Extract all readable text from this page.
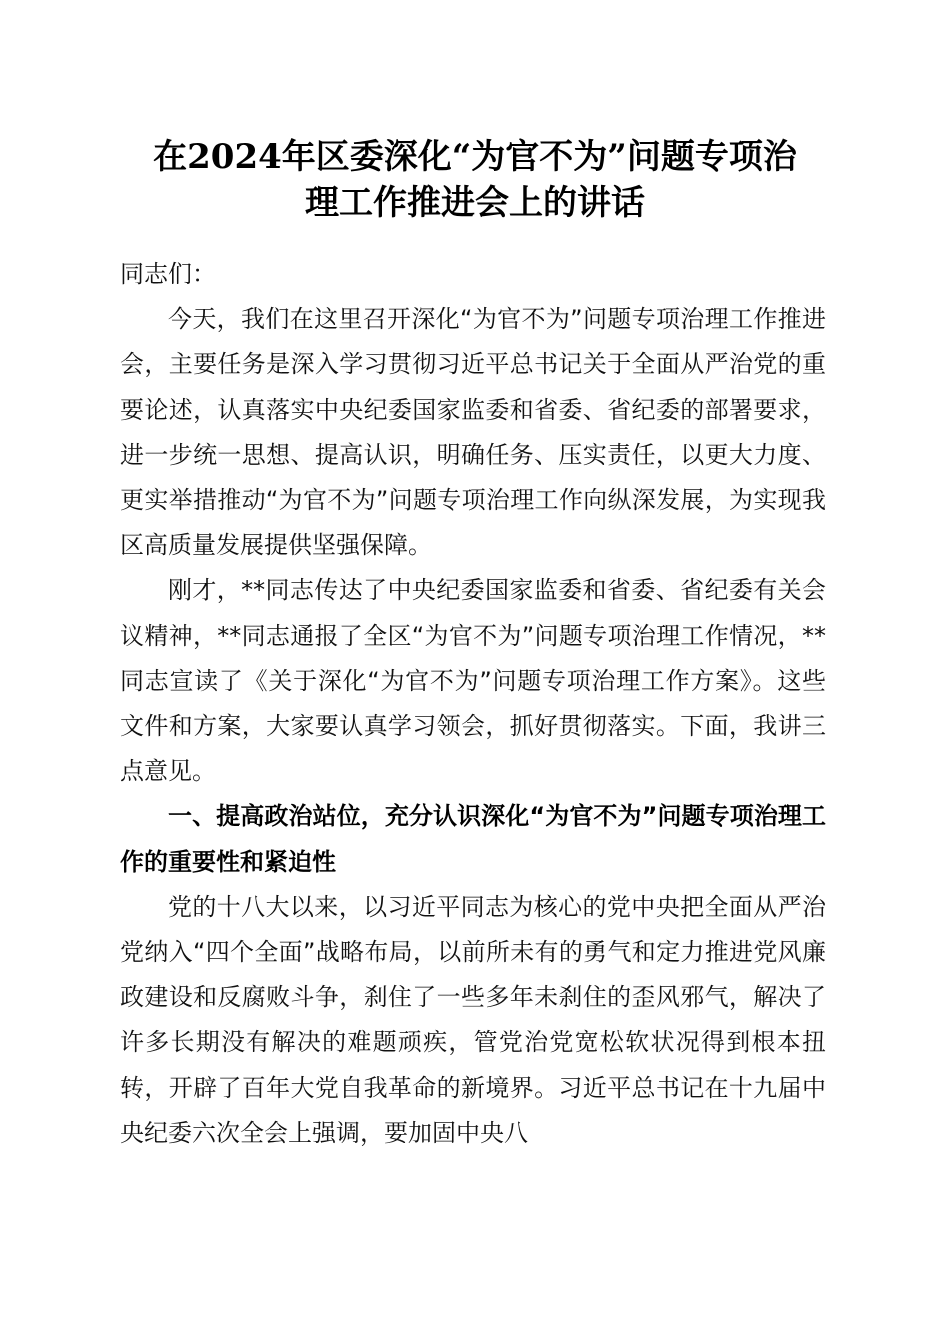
在2024年区委深化“为官不为”问题专项治
理工作推进会上的讲话

同志们：

今天，我们在这里召开深化“为官不为”问题专项治理工作推进会，主要任务是深入学习贯彻习近平总书记关于全面从严治党的重要论述，认真落实中央纪委国家监委和省委、省纪委的部署要求，进一步统一思想、提高认识，明确任务、压实责任，以更大力度、更实举措推动“为官不为”问题专项治理工作向纵深发展，为实现我区高质量发展提供坚强保障。

刚才，**同志传达了中央纪委国家监委和省委、省纪委有关会议精神，**同志通报了全区“为官不为”问题专项治理工作情况，**同志宣读了《关于深化“为官不为”问题专项治理工作方案》。这些文件和方案，大家要认真学习领会，抓好贯彻落实。下面，我讲三点意见。

一、提高政治站位，充分认识深化“为官不为”问题专项治理工作的重要性和紧迫性

党的十八大以来，以习近平同志为核心的党中央把全面从严治党纳入“四个全面”战略布局，以前所未有的勇气和定力推进党风廉政建设和反腐败斗争，刹住了一些多年未刹住的歪风邪气，解决了许多长期没有解决的难题顽疾，管党治党宽松软状况得到根本扭转，开辟了百年大党自我革命的新境界。习近平总书记在十九届中央纪委六次全会上强调，要加固中央八
